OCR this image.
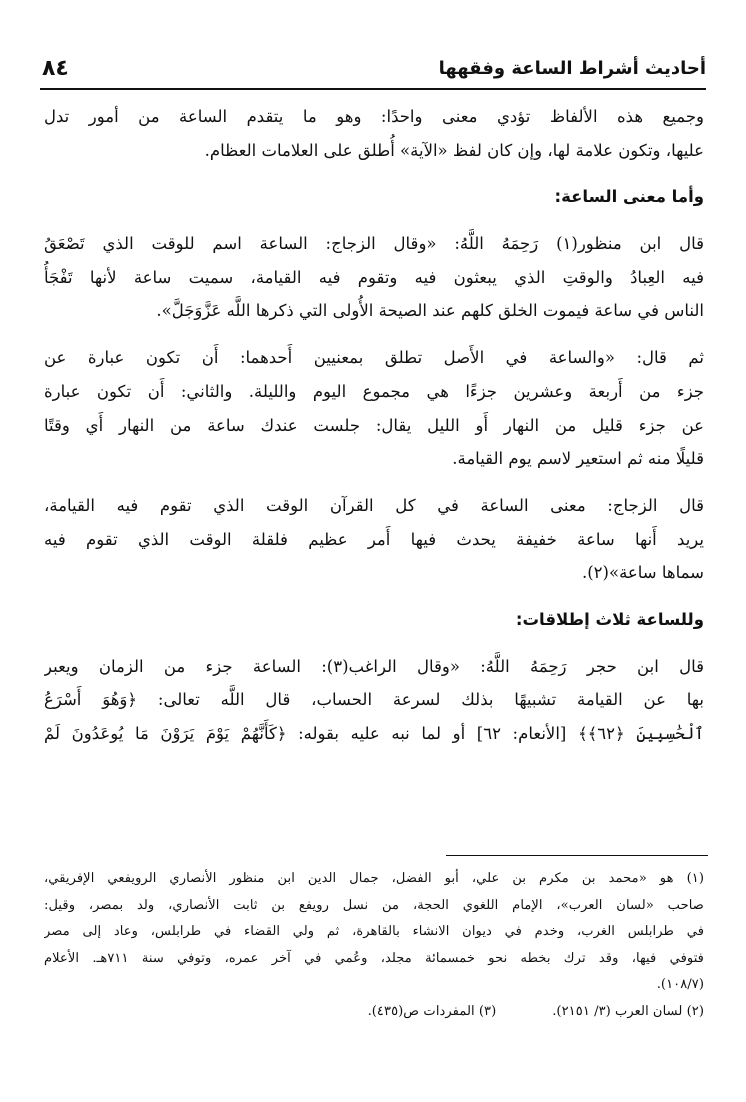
أحاديث أشراط الساعة وفقهها
٨٤
وجميع هذه الألفاظ تؤدي معنى واحدًا: وهو ما يتقدم الساعة من أمور تدل
عليها، وتكون علامة لها، وإن كان لفظ «الآية» أُطلق على العلامات العظام.
وأما معنى الساعة:
قال ابن منظور(١) رَحِمَهُ اللَّهُ: «وقال الزجاج: الساعة اسم للوقت الذي تَصْعَقُ
فيه العِبادُ والوقتِ الذي يبعثون فيه وتقوم فيه القيامة، سميت ساعة لأنها تَفْجَأُ
الناس في ساعة فيموت الخلق كلهم عند الصيحة الأُولى التي ذكرها اللَّه عَزَّوَجَلَّ».
ثم قال: «والساعة في الأَصل تطلق بمعنيين أَحدهما: أَن تكون عبارة عن
جزء من أَربعة وعشرين جزءًا هي مجموع اليوم والليلة. والثاني: أَن تكون عبارة
عن جزء قليل من النهار أَو الليل يقال: جلست عندك ساعة من النهار أَي وقتًا
قليلًا منه ثم استعير لاسم يوم القيامة.
قال الزجاج: معنى الساعة في كل القرآن الوقت الذي تقوم فيه القيامة،
يريد أَنها ساعة خفيفة يحدث فيها أَمر عظيم فلقلة الوقت الذي تقوم فيه
سماها ساعة»(٢).
وللساعة ثلاث إطلاقات:
قال ابن حجر رَحِمَهُ اللَّهُ: «وقال الراغب(٣): الساعة جزء من الزمان ويعبر
بها عن القيامة تشبيهًا بذلك لسرعة الحساب، قال اللَّه تعالى: ﴿وَهُوَ أَسْرَعُ
ٱلْحَٰسِبِينَ ﴿٦٢﴾﴾ [الأنعام: ٦٢] أو لما نبه عليه بقوله: ﴿كَأَنَّهُمْ يَوْمَ يَرَوْنَ مَا يُوعَدُونَ لَمْ
(١) هو «محمد بن مكرم بن علي، أبو الفضل، جمال الدين ابن منظور الأنصاري الرويفعي الإفريقي،
صاحب «لسان العرب»، الإمام اللغوي الحجة، من نسل رويفع بن ثابت الأنصاري، ولد بمصر، وقيل:
في طرابلس الغرب، وخدم في ديوان الانشاء بالقاهرة، ثم ولي القضاء في طرابلس، وعاد إلى مصر
فتوفي فيها، وقد ترك بخطه نحو خمسمائة مجلد، وعُمي في آخر عمره، وتوفي سنة ٧١١هـ. الأعلام
(١٠٨/٧).
(٢) لسان العرب (٣/ ٢١٥١).
(٣) المفردات ص(٤٣٥).
